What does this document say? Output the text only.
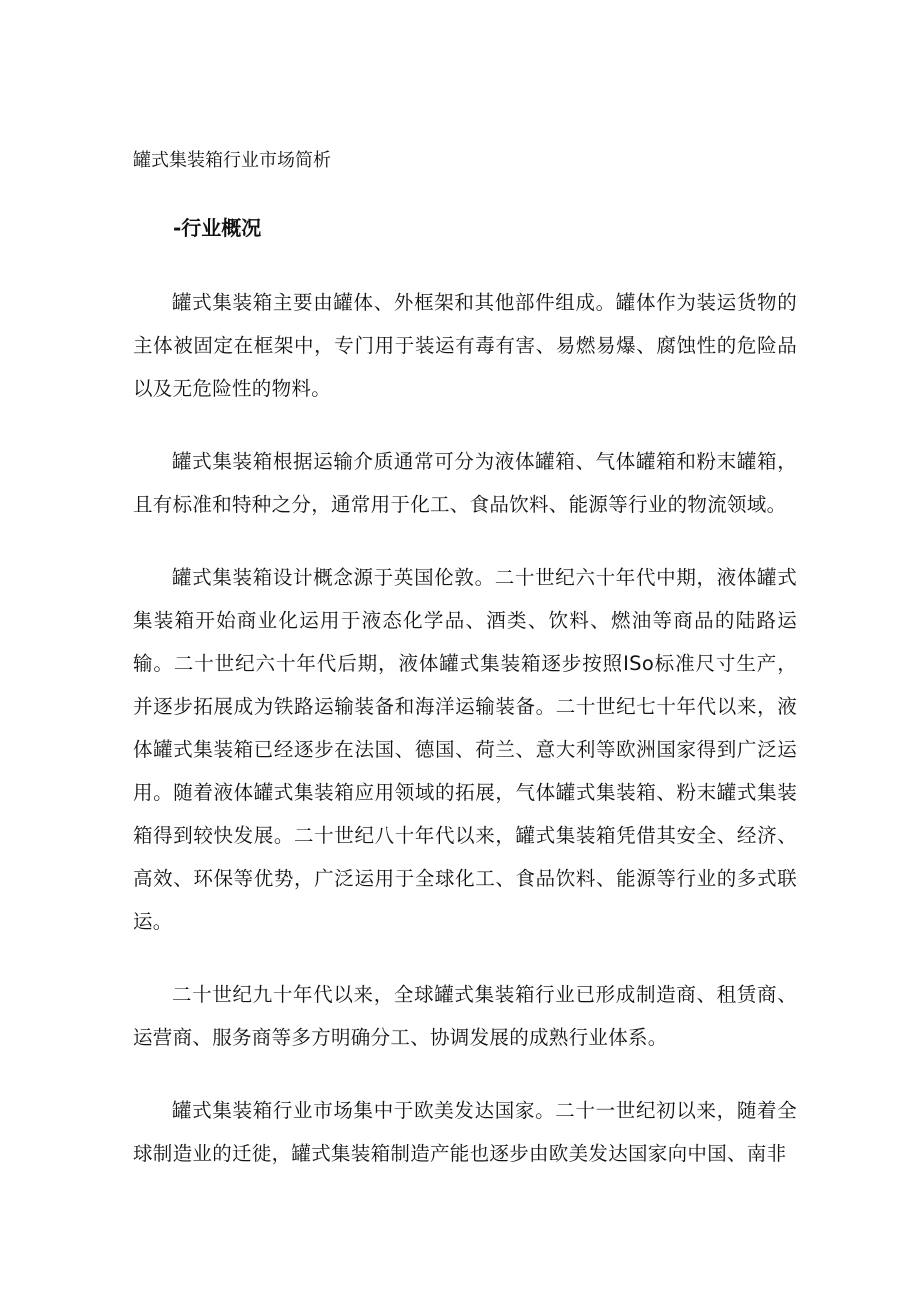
罐式集装箱行业市场简析
-行业概况

罐式集装箱主要由罐体、外框架和其他部件组成。罐体作为装运货物的主体被固定在框架中，专门用于装运有毒有害、易燃易爆、腐蚀性的危险品以及无危险性的物料。

罐式集装箱根据运输介质通常可分为液体罐箱、气体罐箱和粉末罐箱，且有标准和特种之分，通常用于化工、食品饮料、能源等行业的物流领域。

罐式集装箱设计概念源于英国伦敦。二十世纪六十年代中期，液体罐式集装箱开始商业化运用于液态化学品、酒类、饮料、燃油等商品的陆路运输。二十世纪六十年代后期，液体罐式集装箱逐步按照ISo标准尺寸生产，并逐步拓展成为铁路运输装备和海洋运输装备。二十世纪七十年代以来，液体罐式集装箱已经逐步在法国、德国、荷兰、意大利等欧洲国家得到广泛运用。随着液体罐式集装箱应用领域的拓展，气体罐式集装箱、粉末罐式集装箱得到较快发展。二十世纪八十年代以来，罐式集装箱凭借其安全、经济、高效、环保等优势，广泛运用于全球化工、食品饮料、能源等行业的多式联运。

二十世纪九十年代以来，全球罐式集装箱行业已形成制造商、租赁商、运营商、服务商等多方明确分工、协调发展的成熟行业体系。

罐式集装箱行业市场集中于欧美发达国家。二十一世纪初以来，随着全球制造业的迁徙，罐式集装箱制造产能也逐步由欧美发达国家向中国、南非
